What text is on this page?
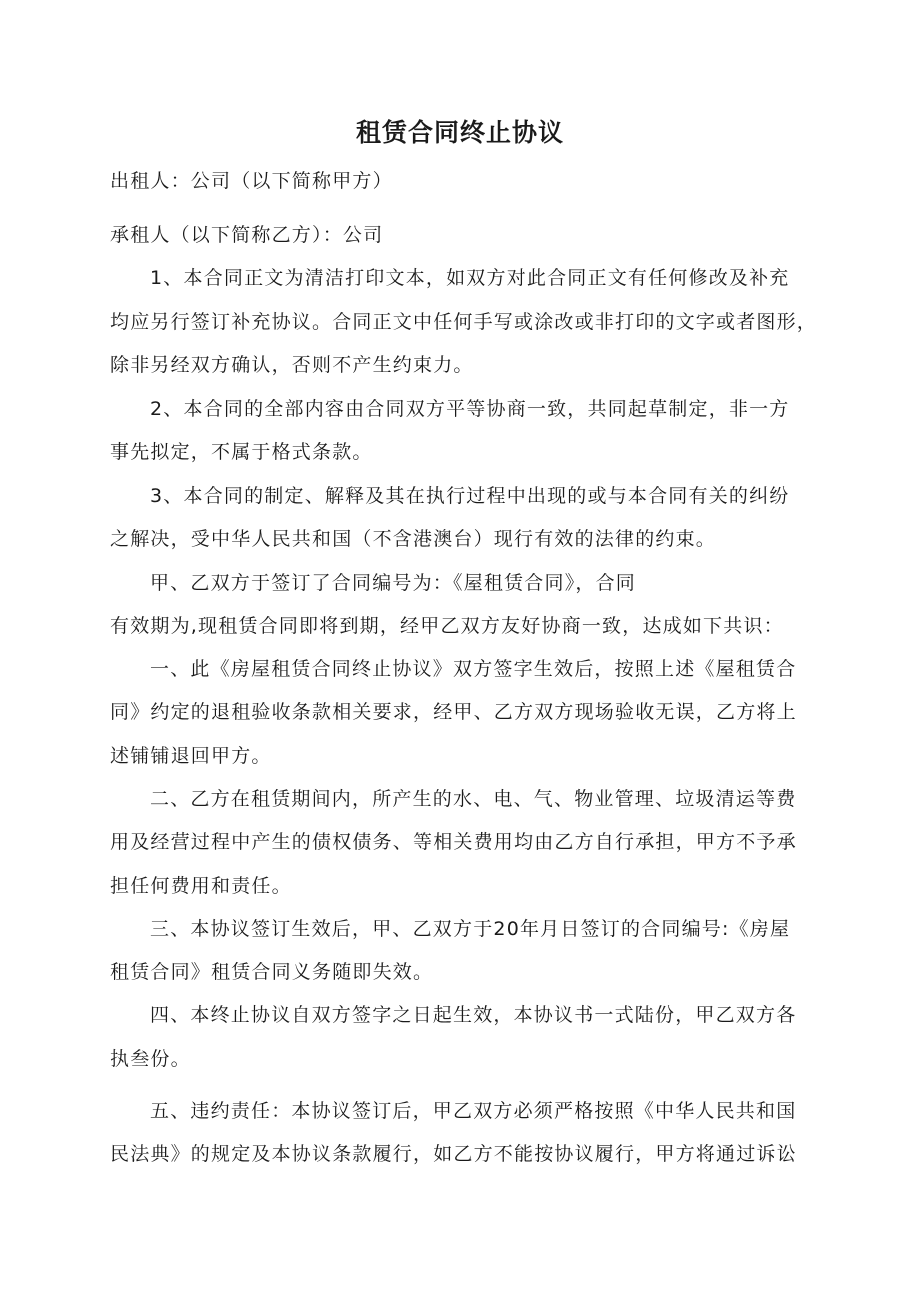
租赁合同终止协议
出租人：公司（以下简称甲方）
承租人（以下简称乙方）：公司
1、本合同正文为清洁打印文本，如双方对此合同正文有任何修改及补充
均应另行签订补充协议。合同正文中任何手写或涂改或非打印的文字或者图形，
除非另经双方确认，否则不产生约束力。
2、本合同的全部内容由合同双方平等协商一致，共同起草制定，非一方
事先拟定，不属于格式条款。
3、本合同的制定、解释及其在执行过程中出现的或与本合同有关的纠纷
之解决，受中华人民共和国（不含港澳台）现行有效的法律的约束。
甲、乙双方于签订了合同编号为：《屋租赁合同》，合同
有效期为,现租赁合同即将到期，经甲乙双方友好协商一致，达成如下共识：
一、此《房屋租赁合同终止协议》双方签字生效后，按照上述《屋租赁合
同》约定的退租验收条款相关要求，经甲、乙方双方现场验收无误，乙方将上
述铺铺退回甲方。
二、乙方在租赁期间内，所产生的水、电、气、物业管理、垃圾清运等费
用及经营过程中产生的债权债务、等相关费用均由乙方自行承担，甲方不予承
担任何费用和责任。
三、本协议签订生效后，甲、乙双方于20年月日签订的合同编号:《房屋
租赁合同》租赁合同义务随即失效。
四、本终止协议自双方签字之日起生效，本协议书一式陆份，甲乙双方各
执叁份。
五、违约责任：本协议签订后，甲乙双方必须严格按照《中华人民共和国
民法典》的规定及本协议条款履行，如乙方不能按协议履行，甲方将通过诉讼
